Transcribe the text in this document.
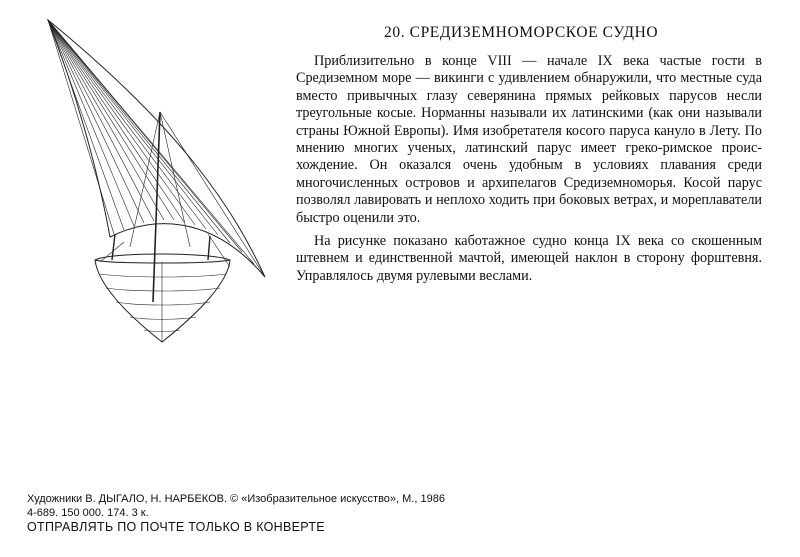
20. СРЕДИЗЕМНОМОРСКОЕ СУДНО

Приблизительно в конце VIII — начале IX века частые гости в Средиземном море — викинги с удивлением обнаружили, что местные суда вместо привычных глазу северянина прямых рейковых парусов несли треугольные косые. Норманны называли их латинскими (как они называли страны Южной Европы). Имя изобретателя косого паруса кануло в Лету. По мнению многих ученых, латинский парус имеет греко-римское происхождение. Он оказался очень удобным в условиях плавания среди многочисленных островов и архипелагов Средиземноморья. Косой парус позволял лавировать и неплохо ходить при боковых ветрах, и мореплаватели быстро оценили это.

На рисунке показано каботажное судно конца IX века со скошенным штевнем и единственной мачтой, имеющей наклон в сторону форштевня. Управлялось двумя рулевыми веслами.

Художники В. ДЫГАЛО, Н. НАРБЕКОВ. © «Изобразительное искусство», М., 1986
4-689. 150 000. 174. 3 к.
ОТПРАВЛЯТЬ ПО ПОЧТЕ ТОЛЬКО В КОНВЕРТЕ
